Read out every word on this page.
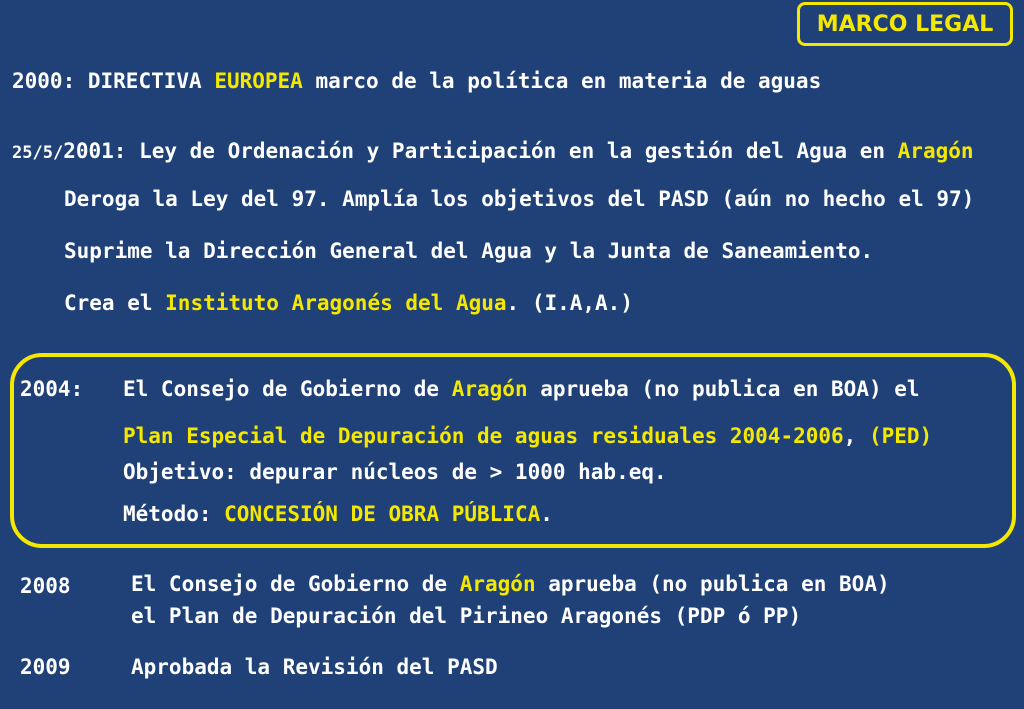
MARCO LEGAL
2000: DIRECTIVA EUROPEA marco de la política en materia de aguas
25/5/2001: Ley de Ordenación y Participación en la gestión del Agua en Aragón
Deroga la Ley del 97. Amplía los objetivos del PASD (aún no hecho el 97)
Suprime la Dirección General del Agua y la Junta de Saneamiento.
Crea el Instituto Aragonés del Agua. (I.A,A.)
2004: El Consejo de Gobierno de Aragón aprueba (no publica en BOA) el
Plan Especial de Depuración de aguas residuales 2004-2006, (PED)
Objetivo: depurar núcleos de > 1000 hab.eq.
Método: CONCESIÓN DE OBRA PÚBLICA.
2008	El Consejo de Gobierno de Aragón aprueba (no publica en BOA)
el Plan de Depuración del Pirineo Aragonés (PDP ó PP)
2009	Aprobada la Revisión del PASD
